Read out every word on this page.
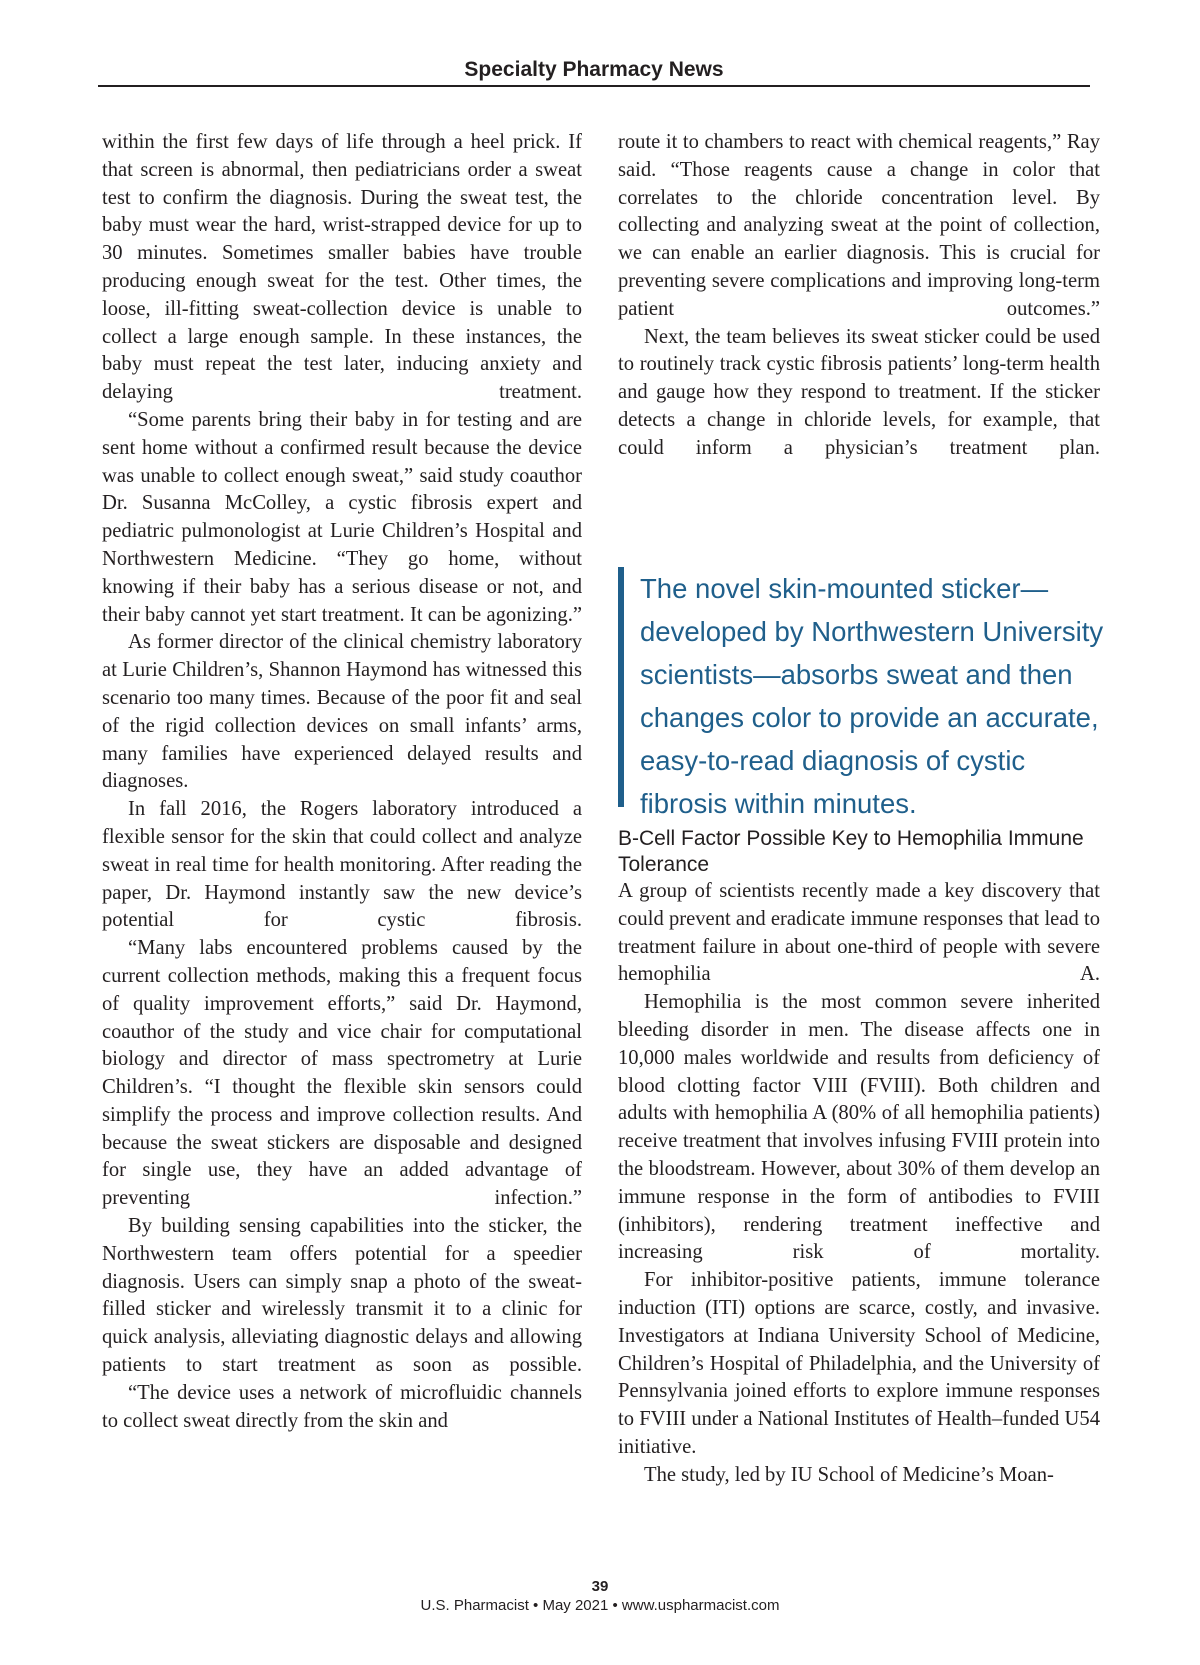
Specialty Pharmacy News

within the first few days of life through a heel prick. If that screen is abnormal, then pediatricians order a sweat test to confirm the diagnosis. During the sweat test, the baby must wear the hard, wrist-strapped device for up to 30 minutes. Sometimes smaller babies have trouble producing enough sweat for the test. Other times, the loose, ill-fitting sweat-collection device is unable to collect a large enough sample. In these instances, the baby must repeat the test later, inducing anxiety and delaying treatment.

“Some parents bring their baby in for testing and are sent home without a confirmed result because the device was unable to collect enough sweat,” said study coauthor Dr. Susanna McColley, a cystic fibrosis expert and pediatric pulmonologist at Lurie Children’s Hospital and Northwestern Medicine. “They go home, without knowing if their baby has a serious disease or not, and their baby cannot yet start treatment. It can be agonizing.”

As former director of the clinical chemistry laboratory at Lurie Children’s, Shannon Haymond has witnessed this scenario too many times. Because of the poor fit and seal of the rigid collection devices on small infants’ arms, many families have experienced delayed results and diagnoses.

In fall 2016, the Rogers laboratory introduced a flexible sensor for the skin that could collect and analyze sweat in real time for health monitoring. After reading the paper, Dr. Haymond instantly saw the new device’s potential for cystic fibrosis.

“Many labs encountered problems caused by the current collection methods, making this a frequent focus of quality improvement efforts,” said Dr. Haymond, coauthor of the study and vice chair for computational biology and director of mass spectrometry at Lurie Children’s. “I thought the flexible skin sensors could simplify the process and improve collection results. And because the sweat stickers are disposable and designed for single use, they have an added advantage of preventing infection.”

By building sensing capabilities into the sticker, the Northwestern team offers potential for a speedier diagnosis. Users can simply snap a photo of the sweat-filled sticker and wirelessly transmit it to a clinic for quick analysis, alleviating diagnostic delays and allowing patients to start treatment as soon as possible.

“The device uses a network of microfluidic channels to collect sweat directly from the skin and

route it to chambers to react with chemical reagents,” Ray said. “Those reagents cause a change in color that correlates to the chloride concentration level. By collecting and analyzing sweat at the point of collection, we can enable an earlier diagnosis. This is crucial for preventing severe complications and improving long-term patient outcomes.”

Next, the team believes its sweat sticker could be used to routinely track cystic fibrosis patients’ long-term health and gauge how they respond to treatment. If the sticker detects a change in chloride levels, for example, that could inform a physician’s treatment plan.

The novel skin-mounted sticker—developed by Northwestern University scientists—absorbs sweat and then changes color to provide an accurate, easy-to-read diagnosis of cystic fibrosis within minutes.

B-Cell Factor Possible Key to Hemophilia Immune Tolerance

A group of scientists recently made a key discovery that could prevent and eradicate immune responses that lead to treatment failure in about one-third of people with severe hemophilia A.

Hemophilia is the most common severe inherited bleeding disorder in men. The disease affects one in 10,000 males worldwide and results from deficiency of blood clotting factor VIII (FVIII). Both children and adults with hemophilia A (80% of all hemophilia patients) receive treatment that involves infusing FVIII protein into the bloodstream. However, about 30% of them develop an immune response in the form of antibodies to FVIII (inhibitors), rendering treatment ineffective and increasing risk of mortality.

For inhibitor-positive patients, immune tolerance induction (ITI) options are scarce, costly, and invasive. Investigators at Indiana University School of Medicine, Children’s Hospital of Philadelphia, and the University of Pennsylvania joined efforts to explore immune responses to FVIII under a National Institutes of Health–funded U54 initiative.

The study, led by IU School of Medicine’s Moan-

39
U.S. Pharmacist • May 2021 • www.uspharmacist.com
